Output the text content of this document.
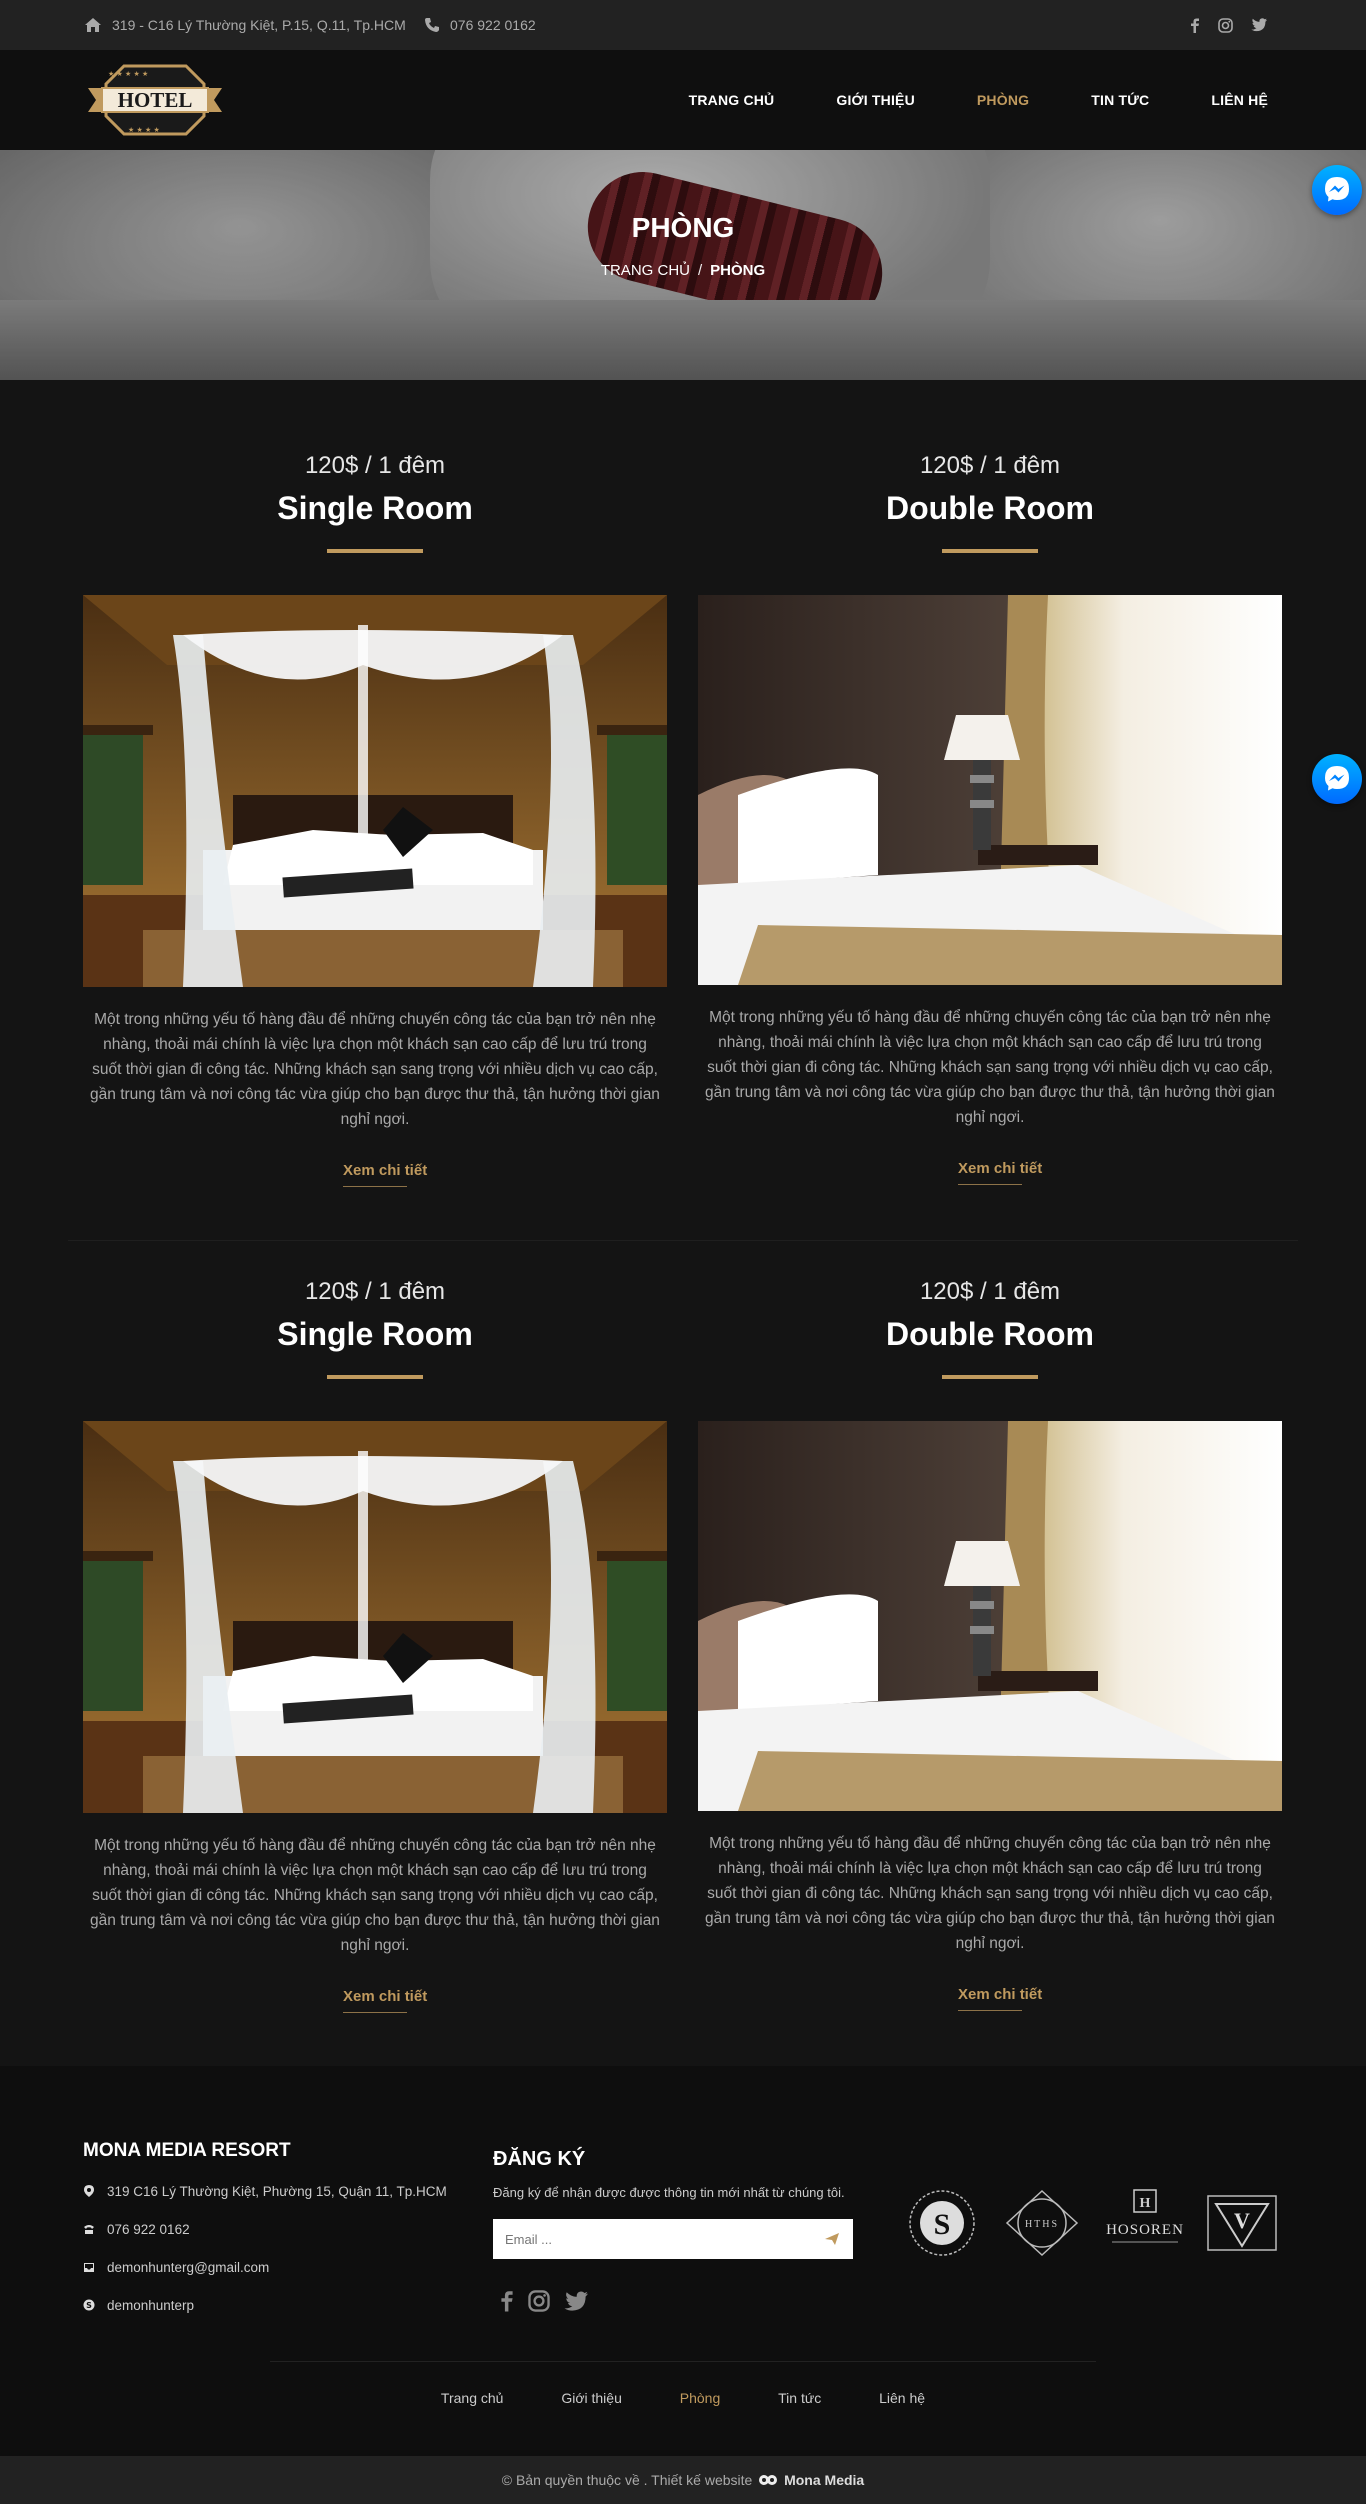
319 - C16 Lý Thường Kiệt, P.15, Q.11, Tp.HCM	076 922 0162
★ ★ ★ ★ ★
★ ★ ★ ★
HOTEL	TRANG CHỦ	GIỚI THIỆU	PHÒNG	TIN TỨC	LIÊN HỆ
PHÒNG
TRANG CHỦ / PHÒNG
120$ / 1 đêm
Single Room

Một trong những yếu tố hàng đầu để những chuyến công tác của bạn trở nên nhẹ nhàng, thoải mái chính là việc lựa chọn một khách sạn cao cấp để lưu trú trong suốt thời gian đi công tác. Những khách sạn sang trọng với nhiều dịch vụ cao cấp, gần trung tâm và nơi công tác vừa giúp cho bạn được thư thả, tận hưởng thời gian nghỉ ngơi.

Xem chi tiết
120$ / 1 đêm
Double Room

Một trong những yếu tố hàng đầu để những chuyến công tác của bạn trở nên nhẹ nhàng, thoải mái chính là việc lựa chọn một khách sạn cao cấp để lưu trú trong suốt thời gian đi công tác. Những khách sạn sang trọng với nhiều dịch vụ cao cấp, gần trung tâm và nơi công tác vừa giúp cho bạn được thư thả, tận hưởng thời gian nghỉ ngơi.

Xem chi tiết
120$ / 1 đêm
Single Room

Một trong những yếu tố hàng đầu để những chuyến công tác của bạn trở nên nhẹ nhàng, thoải mái chính là việc lựa chọn một khách sạn cao cấp để lưu trú trong suốt thời gian đi công tác. Những khách sạn sang trọng với nhiều dịch vụ cao cấp, gần trung tâm và nơi công tác vừa giúp cho bạn được thư thả, tận hưởng thời gian nghỉ ngơi.

Xem chi tiết
120$ / 1 đêm
Double Room

Một trong những yếu tố hàng đầu để những chuyến công tác của bạn trở nên nhẹ nhàng, thoải mái chính là việc lựa chọn một khách sạn cao cấp để lưu trú trong suốt thời gian đi công tác. Những khách sạn sang trọng với nhiều dịch vụ cao cấp, gần trung tâm và nơi công tác vừa giúp cho bạn được thư thả, tận hưởng thời gian nghỉ ngơi.

Xem chi tiết
MONA MEDIA RESORT
319 C16 Lý Thường Kiệt, Phường 15, Quận 11, Tp.HCM
076 922 0162
demonhunterg@gmail.com
S demonhunterp
ĐĂNG KÝ
Đăng ký để nhận được được thông tin mới nhất từ chúng tôi.
Email ...
S	HTHS
H
HOSOREN V
Trang chủ	Giới thiệu	Phòng	Tin tức	Liên hệ
© Bản quyền thuộc về . Thiết kế website Mona Media
